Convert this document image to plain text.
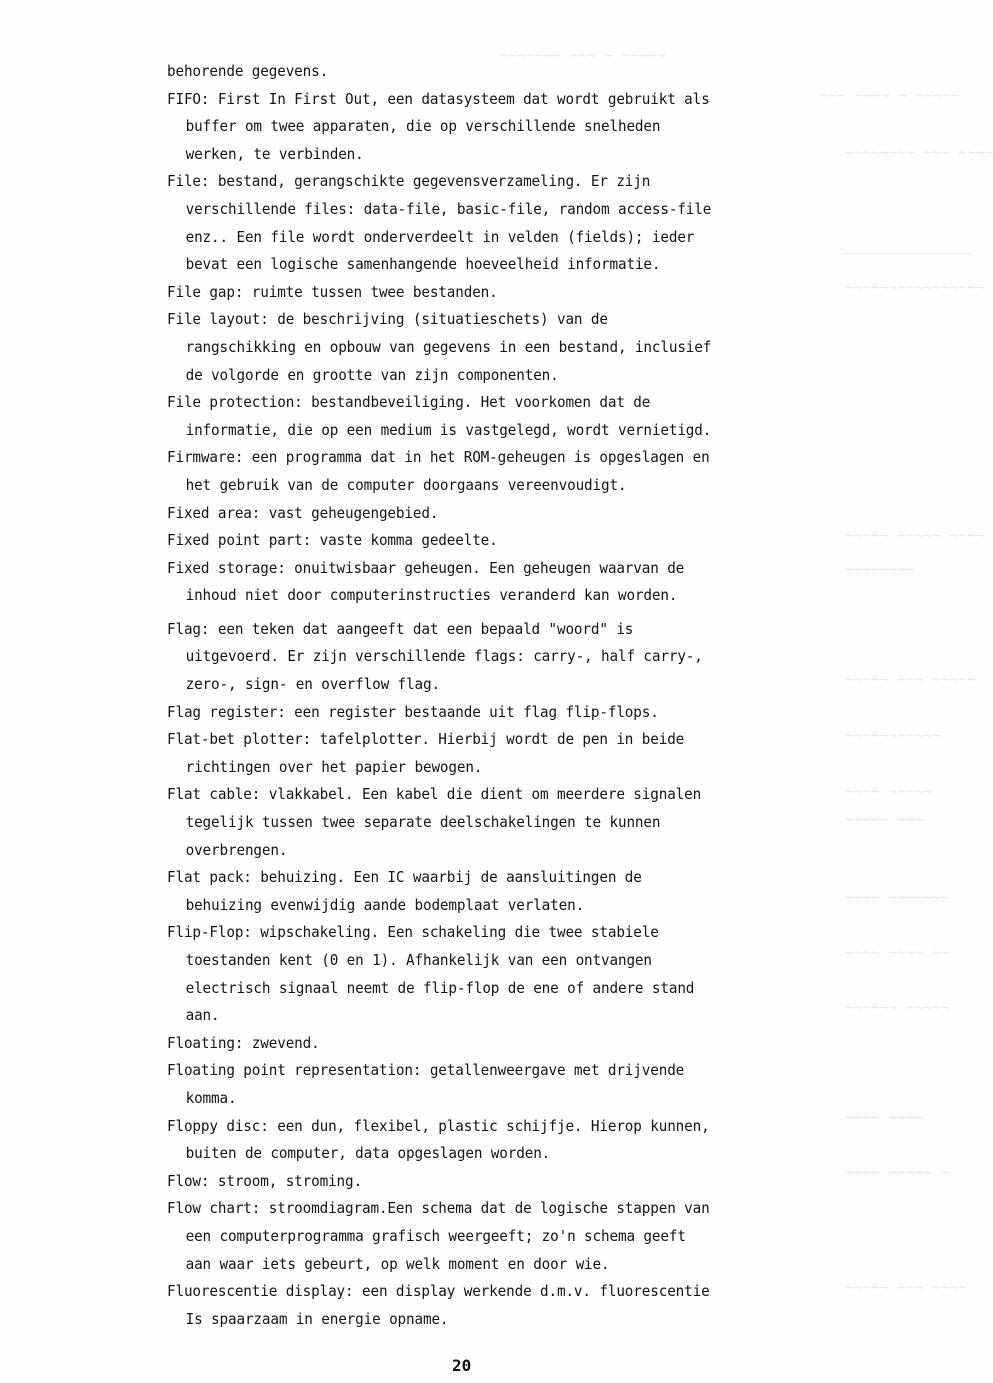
~~~~~~~ ~~~ ~ ~~~~~
~~~ ~~~~ ~ ~~~~~
~~~~~~~~ ~~~ ~~~~
~~~~~~~~~~~~~~~~
~~~~~ ~~~~~ ~~~~
~~~~~~~~
~~~~~ ~~~ ~~~~~
~~~~~~~~~~~
~~~~ ~~~~~
~~~~~ ~~~
~~~~ ~~~~~~~
~~~~ ~~~~ ~~
~~~~~~ ~~~~~
~~~~ ~~~~
~~~~ ~~~~~ ~
~~~~~ ~~~ ~~~~
behorende gegevens.
FIFO: First In First Out, een datasysteem dat wordt gebruikt als
buffer om twee apparaten, die op verschillende snelheden
werken, te verbinden.
File: bestand, gerangschikte gegevensverzameling. Er zijn
verschillende files: data-file, basic-file, random access-file
enz.. Een file wordt onderverdeelt in velden (fields); ieder
bevat een logische samenhangende hoeveelheid informatie.
File gap: ruimte tussen twee bestanden.
File layout: de beschrijving (situatieschets) van de
rangschikking en opbouw van gegevens in een bestand, inclusief
de volgorde en grootte van zijn componenten.
File protection: bestandbeveiliging. Het voorkomen dat de
informatie, die op een medium is vastgelegd, wordt vernietigd.
Firmware: een programma dat in het ROM-geheugen is opgeslagen en
het gebruik van de computer doorgaans vereenvoudigt.
Fixed area: vast geheugengebied.
Fixed point part: vaste komma gedeelte.
Fixed storage: onuitwisbaar geheugen. Een geheugen waarvan de
inhoud niet door computerinstructies veranderd kan worden.
Flag: een teken dat aangeeft dat een bepaald "woord" is
uitgevoerd. Er zijn verschillende flags: carry-, half carry-,
zero-, sign- en overflow flag.
Flag register: een register bestaande uit flag flip-flops.
Flat-bet plotter: tafelplotter. Hierbij wordt de pen in beide
richtingen over het papier bewogen.
Flat cable: vlakkabel. Een kabel die dient om meerdere signalen
tegelijk tussen twee separate deelschakelingen te kunnen
overbrengen.
Flat pack: behuizing. Een IC waarbij de aansluitingen de
behuizing evenwijdig aande bodemplaat verlaten.
Flip-Flop: wipschakeling. Een schakeling die twee stabiele
toestanden kent (0 en 1). Afhankelijk van een ontvangen
electrisch signaal neemt de flip-flop de ene of andere stand
aan.
Floating: zwevend.
Floating point representation: getallenweergave met drijvende
komma.
Floppy disc: een dun, flexibel, plastic schijfje. Hierop kunnen,
buiten de computer, data opgeslagen worden.
Flow: stroom, stroming.
Flow chart: stroomdiagram.Een schema dat de logische stappen van
een computerprogramma grafisch weergeeft; zo'n schema geeft
aan waar iets gebeurt, op welk moment en door wie.
Fluorescentie display: een display werkende d.m.v. fluorescentie
Is spaarzaam in energie opname.
20
